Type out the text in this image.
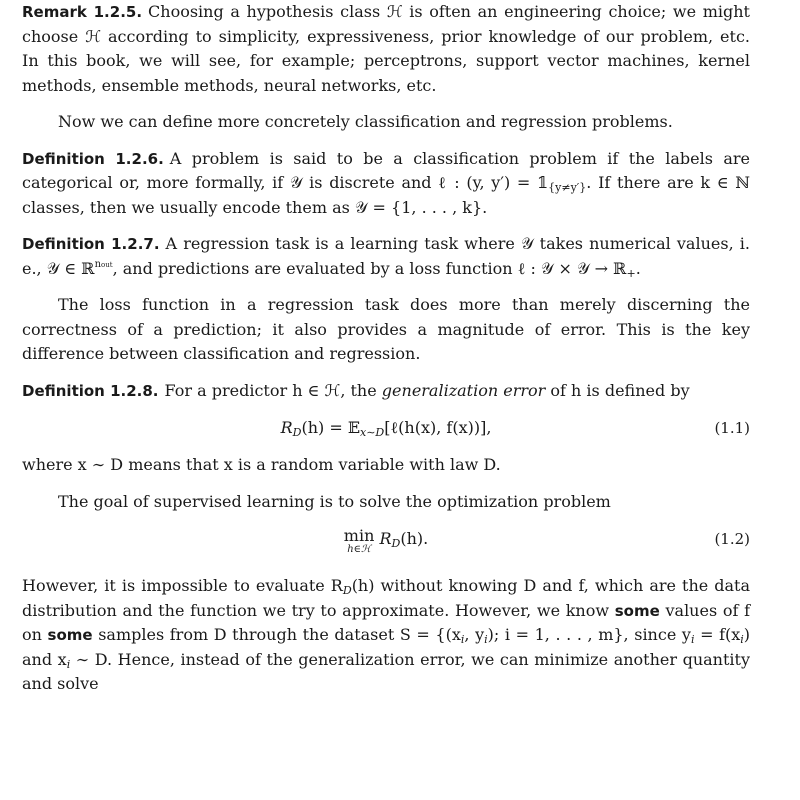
Remark 1.2.5. Choosing a hypothesis class ℋ is often an engineering choice; we might choose ℋ according to simplicity, expressiveness, prior knowledge of our problem, etc. In this book, we will see, for example; perceptrons, support vector machines, kernel methods, ensemble methods, neural networks, etc.

Now we can define more concretely classification and regression problems.

Definition 1.2.6. A problem is said to be a classification problem if the labels are categorical or, more formally, if 𝒴 is discrete and ℓ : (y, $y') = 𝟙_{\{y\ne y'\}}$. If there are k ∈ ℕ classes, then we usually encode them as 𝒴 = {1, . . . , k}.

Definition 1.2.7. A regression task is a learning task where 𝒴 takes numerical values, i. e., 𝒴 ∈ ℝ$^{nout}$, and predictions are evaluated by a loss function ℓ : 𝒴 × 𝒴 → ℝ$_+$.

The loss function in a regression task does more than merely discerning the correctness of a prediction; it also provides a magnitude of error. This is the key difference between classification and regression.

Definition 1.2.8. For a predictor h ∈ ℋ, the generalization error of h is defined by

$R_D(h)$ = 𝔼$_{x\sim D}$[ℓ(h(x), f(x))],	(1.1)

where x ∼ D means that x is a random variable with law D.

The goal of supervised learning is to solve the optimization problem

min
h∈ℋ
$R_D(h)$.	(1.2)

However, it is impossible to evaluate $R_D(h)$ without knowing D and f, which are the data distribution and the function we try to approximate. However, we know some values of f on some samples from D through the dataset $S = \{(x_i$, $y_i$); i = 1, . . . , m}, since $y_i = f(x_i)$ and $x_i$ ∼ D. Hence, instead of the generalization error, we can minimize another quantity and solve
